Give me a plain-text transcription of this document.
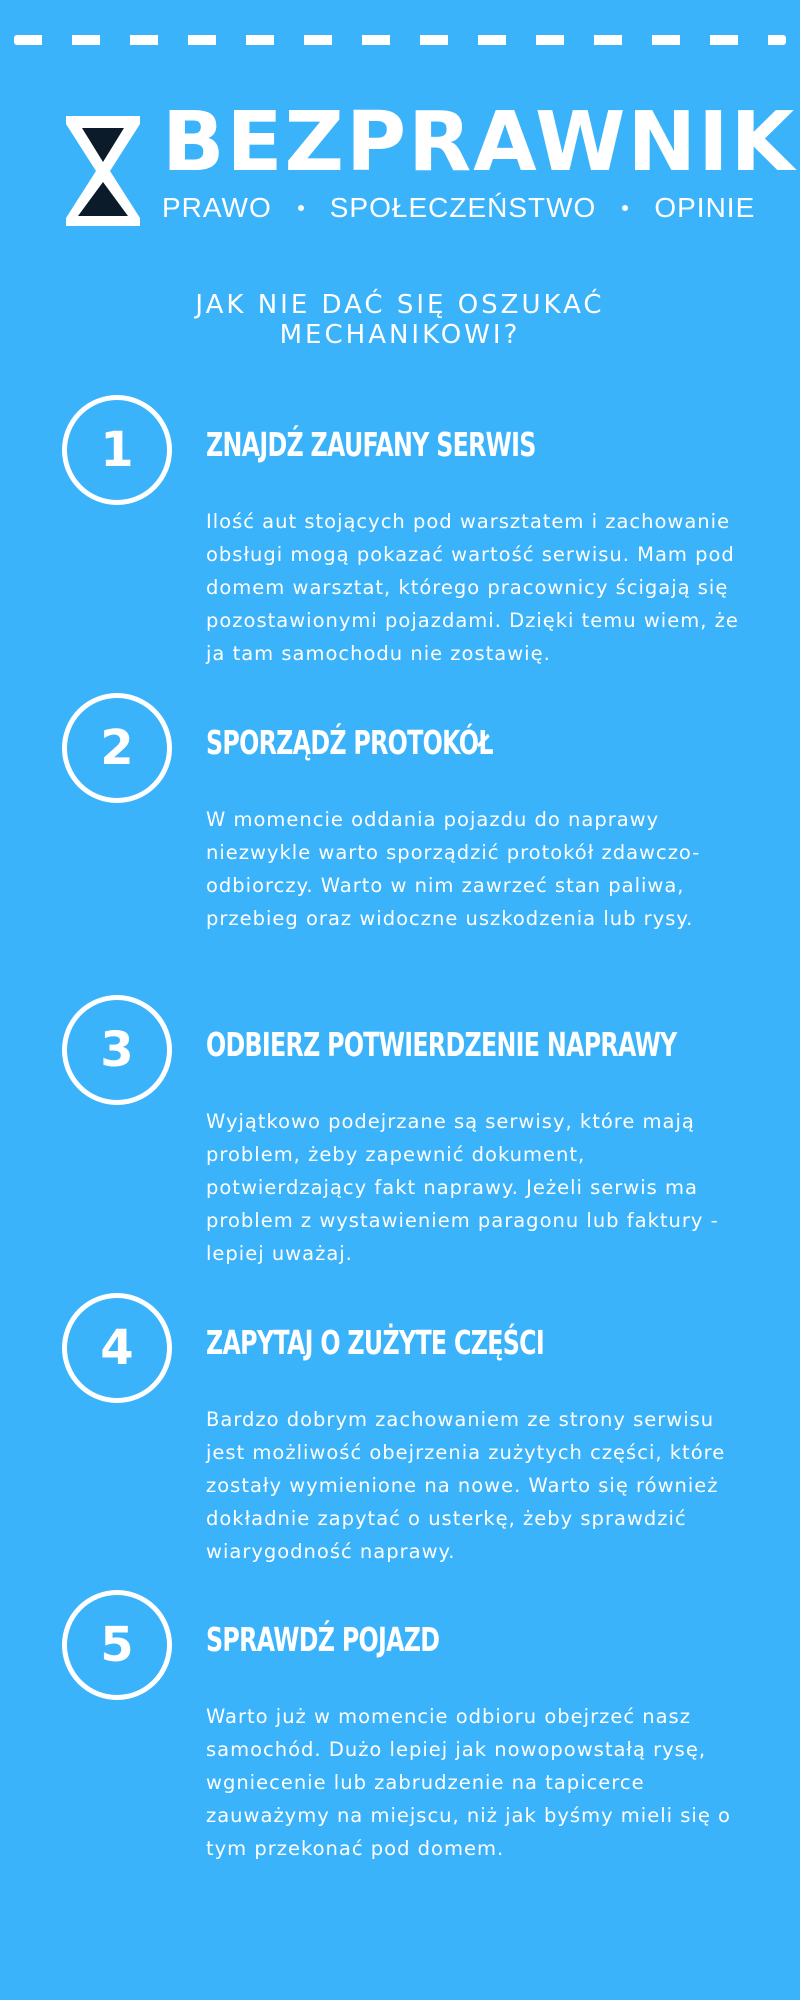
BEZPRAWNIK
PRAWO SPOŁECZEŃSTWO OPINIE
JAK NIE DAĆ SIĘ OSZUKAĆ MECHANIKOWI?
1	ZNAJDŹ ZAUFANY SERWIS
Ilość aut stojących pod warsztatem i zachowanie obsługi mogą pokazać wartość serwisu. Mam pod domem warsztat, którego pracownicy ścigają się pozostawionymi pojazdami. Dzięki temu wiem, że ja tam samochodu nie zostawię.
2	SPORZĄDŹ PROTOKÓŁ
W momencie oddania pojazdu do naprawy niezwykle warto sporządzić protokół zdawczo-odbiorczy. Warto w nim zawrzeć stan paliwa, przebieg oraz widoczne uszkodzenia lub rysy.
3	ODBIERZ POTWIERDZENIE NAPRAWY
Wyjątkowo podejrzane są serwisy, które mają problem, żeby zapewnić dokument, potwierdzający fakt naprawy. Jeżeli serwis ma problem z wystawieniem paragonu lub faktury - lepiej uważaj.
4	ZAPYTAJ O ZUŻYTE CZĘŚCI
Bardzo dobrym zachowaniem ze strony serwisu jest możliwość obejrzenia zużytych części, które zostały wymienione na nowe. Warto się również dokładnie zapytać o usterkę, żeby sprawdzić wiarygodność naprawy.
5	SPRAWDŹ POJAZD
Warto już w momencie odbioru obejrzeć nasz samochód. Dużo lepiej jak nowopowstałą rysę, wgniecenie lub zabrudzenie na tapicerce zauważymy na miejscu, niż jak byśmy mieli się o tym przekonać pod domem.
